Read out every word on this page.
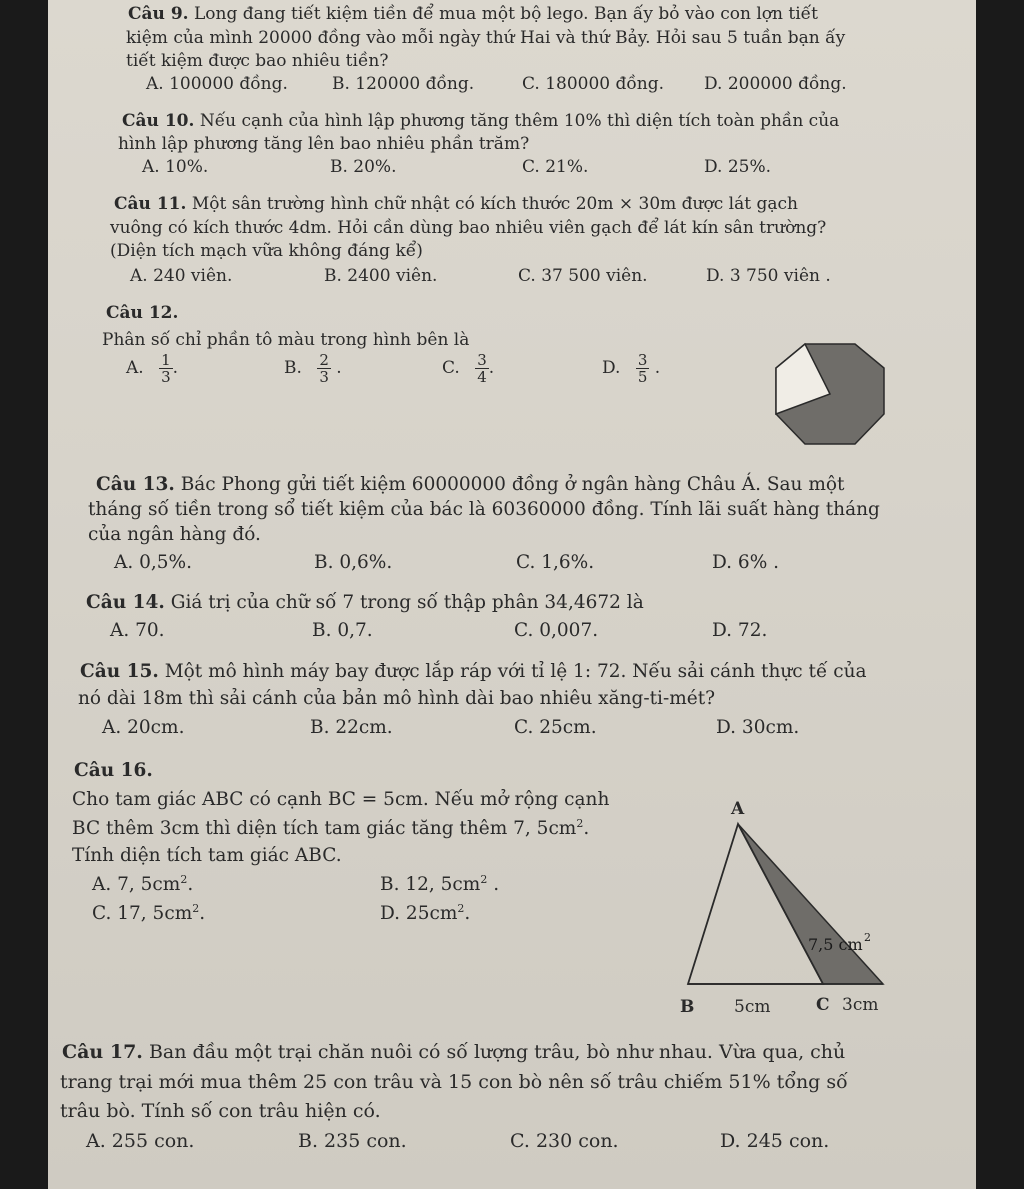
Câu 9. Long đang tiết kiệm tiền để mua một bộ lego. Bạn ấy bỏ vào con lợn tiết
kiệm của mình 20000 đồng vào mỗi ngày thứ Hai và thứ Bảy. Hỏi sau 5 tuần bạn ấy
tiết kiệm được bao nhiêu tiền?
A. 100000 đồng.	B. 120000 đồng.	C. 180000 đồng. D. 200000 đồng.
Câu 10. Nếu cạnh của hình lập phương tăng thêm 10% thì diện tích toàn phần của
hình lập phương tăng lên bao nhiêu phần trăm?
A. 10%.	B. 20%.	C. 21%.	D. 25%.
Câu 11. Một sân trường hình chữ nhật có kích thước 20m × 30m được lát gạch
vuông có kích thước 4dm. Hỏi cần dùng bao nhiêu viên gạch để lát kín sân trường?
(Diện tích mạch vữa không đáng kể)
A. 240 viên.	B. 2400 viên.	C. 37 500 viên.	D. 3 750 viên .
Câu 12.
Phân số chỉ phần tô màu trong hình bên là
A. $\frac{1}{3}$ .	B. $\frac{2}{3}$ .	C. $\frac{3}{4}$ .	D. $\frac{3}{5}$ .
Câu 13. Bác Phong gửi tiết kiệm 60000000 đồng ở ngân hàng Châu Á. Sau một
tháng số tiền trong sổ tiết kiệm của bác là 60360000 đồng. Tính lãi suất hàng tháng
của ngân hàng đó.
A. 0,5%.	B. 0,6%.	C. 1,6%.	D. 6% .
Câu 14. Giá trị của chữ số 7 trong số thập phân 34,4672 là
A. 70.	B. 0,7.	C. 0,007.	D. 72.
Câu 15. Một mô hình máy bay được lắp ráp với tỉ lệ 1: 72. Nếu sải cánh thực tế của
nó dài 18m thì sải cánh của bản mô hình dài bao nhiêu xăng-ti-mét?
A. 20cm.	B. 22cm.	C. 25cm.	D. 30cm.
Câu 16.
Cho tam giác ABC có cạnh BC = 5cm. Nếu mở rộng cạnh
BC thêm 3cm thì diện tích tam giác tăng thêm 7, $5cm^2$.
Tính diện tích tam giác ABC.
A. 7, $5cm^2$.	B. 12, $5cm^2$ .
C. 17, $5cm^2$.	D. $25cm^2$.
A
B 5cm	C 3cm
7,5 cm 2
Câu 17. Ban đầu một trại chăn nuôi có số lượng trâu, bò như nhau. Vừa qua, chủ
trang trại mới mua thêm 25 con trâu và 15 con bò nên số trâu chiếm 51% tổng số
trâu bò. Tính số con trâu hiện có.
A. 255 con.	B. 235 con.	C. 230 con.	D. 245 con.
